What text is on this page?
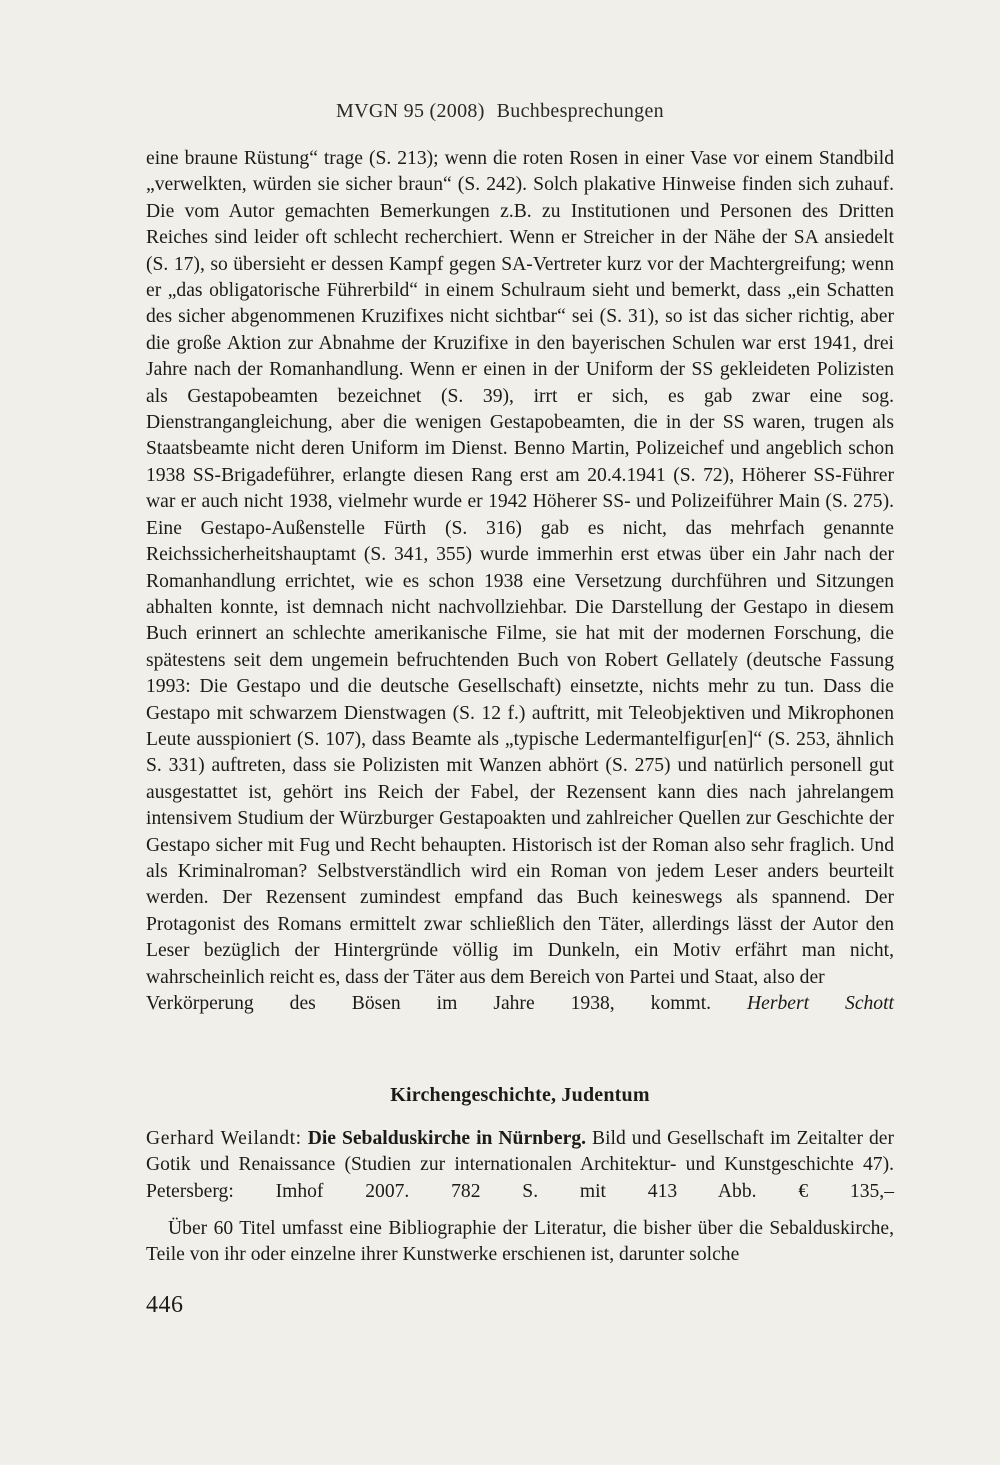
MVGN 95 (2008) Buchbesprechungen

eine braune Rüstung“ trage (S. 213); wenn die roten Rosen in einer Vase vor einem Standbild „verwelkten, würden sie sicher braun“ (S. 242). Solch plakative Hinweise finden sich zuhauf. Die vom Autor gemachten Bemerkungen z.B. zu Institutionen und Personen des Dritten Reiches sind leider oft schlecht recherchiert. Wenn er Streicher in der Nähe der SA ansiedelt (S. 17), so übersieht er dessen Kampf gegen SA-Vertreter kurz vor der Machtergreifung; wenn er „das obligatorische Führerbild“ in einem Schulraum sieht und bemerkt, dass „ein Schatten des sicher abgenommenen Kruzifixes nicht sichtbar“ sei (S. 31), so ist das sicher richtig, aber die große Aktion zur Abnahme der Kruzifixe in den bayerischen Schulen war erst 1941, drei Jahre nach der Romanhandlung. Wenn er einen in der Uniform der SS gekleideten Polizisten als Gestapobeamten bezeichnet (S. 39), irrt er sich, es gab zwar eine sog. Dienstrangangleichung, aber die wenigen Gestapobeamten, die in der SS waren, trugen als Staatsbeamte nicht deren Uniform im Dienst. Benno Martin, Polizeichef und angeblich schon 1938 SS-Brigadeführer, erlangte diesen Rang erst am 20.4.1941 (S. 72), Höherer SS-Führer war er auch nicht 1938, vielmehr wurde er 1942 Höherer SS- und Polizeiführer Main (S. 275). Eine Gestapo-Außenstelle Fürth (S. 316) gab es nicht, das mehrfach genannte Reichssicherheitshauptamt (S. 341, 355) wurde immerhin erst etwas über ein Jahr nach der Romanhandlung errichtet, wie es schon 1938 eine Versetzung durchführen und Sitzungen abhalten konnte, ist demnach nicht nachvollziehbar. Die Darstellung der Gestapo in diesem Buch erinnert an schlechte amerikanische Filme, sie hat mit der modernen Forschung, die spätestens seit dem ungemein befruchtenden Buch von Robert Gellately (deutsche Fassung 1993: Die Gestapo und die deutsche Gesellschaft) einsetzte, nichts mehr zu tun. Dass die Gestapo mit schwarzem Dienstwagen (S. 12 f.) auftritt, mit Teleobjektiven und Mikrophonen Leute ausspioniert (S. 107), dass Beamte als „typische Ledermantelfigur[en]“ (S. 253, ähnlich S. 331) auftreten, dass sie Polizisten mit Wanzen abhört (S. 275) und natürlich personell gut ausgestattet ist, gehört ins Reich der Fabel, der Rezensent kann dies nach jahrelangem intensivem Studium der Würzburger Gestapoakten und zahlreicher Quellen zur Geschichte der Gestapo sicher mit Fug und Recht behaupten. Historisch ist der Roman also sehr fraglich. Und als Kriminalroman? Selbstverständlich wird ein Roman von jedem Leser anders beurteilt werden. Der Rezensent zumindest empfand das Buch keineswegs als spannend. Der Protagonist des Romans ermittelt zwar schließlich den Täter, allerdings lässt der Autor den Leser bezüglich der Hintergründe völlig im Dunkeln, ein Motiv erfährt man nicht, wahrscheinlich reicht es, dass der Täter aus dem Bereich von Partei und Staat, also der

Verkörperung des Bösen im Jahre 1938, kommt. Herbert Schott

Kirchengeschichte, Judentum

Gerhard Weilandt: Die Sebalduskirche in Nürnberg. Bild und Gesellschaft im Zeitalter der Gotik und Renaissance (Studien zur internationalen Architektur- und Kunstgeschichte 47). Petersberg: Imhof 2007. 782 S. mit 413 Abb. € 135,–

Über 60 Titel umfasst eine Bibliographie der Literatur, die bisher über die Sebalduskirche, Teile von ihr oder einzelne ihrer Kunstwerke erschienen ist, darunter solche

446
